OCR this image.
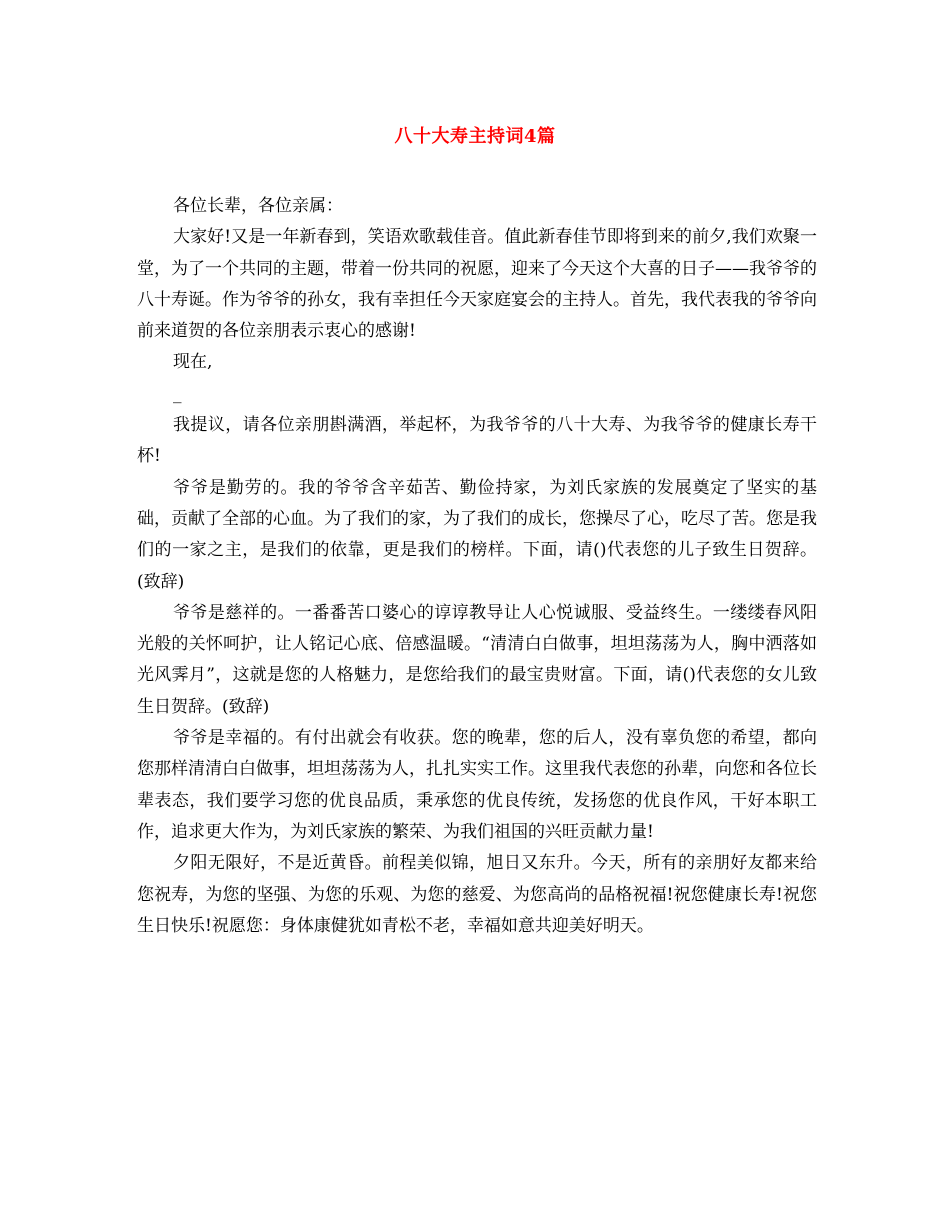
八十大寿主持词4篇

各位长辈，各位亲属：

大家好!又是一年新春到，笑语欢歌载佳音。值此新春佳节即将到来的前夕,我们欢聚一堂，为了一个共同的主题，带着一份共同的祝愿，迎来了今天这个大喜的日子——我爷爷的八十寿诞。作为爷爷的孙女，我有幸担任今天家庭宴会的主持人。首先，我代表我的爷爷向前来道贺的各位亲朋表示衷心的感谢!

现在,

_

我提议，请各位亲朋斟满酒，举起杯，为我爷爷的八十大寿、为我爷爷的健康长寿干杯!

爷爷是勤劳的。我的爷爷含辛茹苦、勤俭持家，为刘氏家族的发展奠定了坚实的基础，贡献了全部的心血。为了我们的家，为了我们的成长，您操尽了心，吃尽了苦。您是我们的一家之主，是我们的依靠，更是我们的榜样。下面，请()代表您的儿子致生日贺辞。(致辞)

爷爷是慈祥的。一番番苦口婆心的谆谆教导让人心悦诚服、受益终生。一缕缕春风阳光般的关怀呵护，让人铭记心底、倍感温暖。“清清白白做事，坦坦荡荡为人，胸中洒落如光风霁月”，这就是您的人格魅力，是您给我们的最宝贵财富。下面，请()代表您的女儿致生日贺辞。(致辞)

爷爷是幸福的。有付出就会有收获。您的晚辈，您的后人，没有辜负您的希望，都向您那样清清白白做事，坦坦荡荡为人，扎扎实实工作。这里我代表您的孙辈，向您和各位长辈表态，我们要学习您的优良品质，秉承您的优良传统，发扬您的优良作风，干好本职工作，追求更大作为，为刘氏家族的繁荣、为我们祖国的兴旺贡献力量!

夕阳无限好，不是近黄昏。前程美似锦，旭日又东升。今天，所有的亲朋好友都来给您祝寿，为您的坚强、为您的乐观、为您的慈爱、为您高尚的品格祝福!祝您健康长寿!祝您生日快乐!祝愿您：身体康健犹如青松不老，幸福如意共迎美好明天。
